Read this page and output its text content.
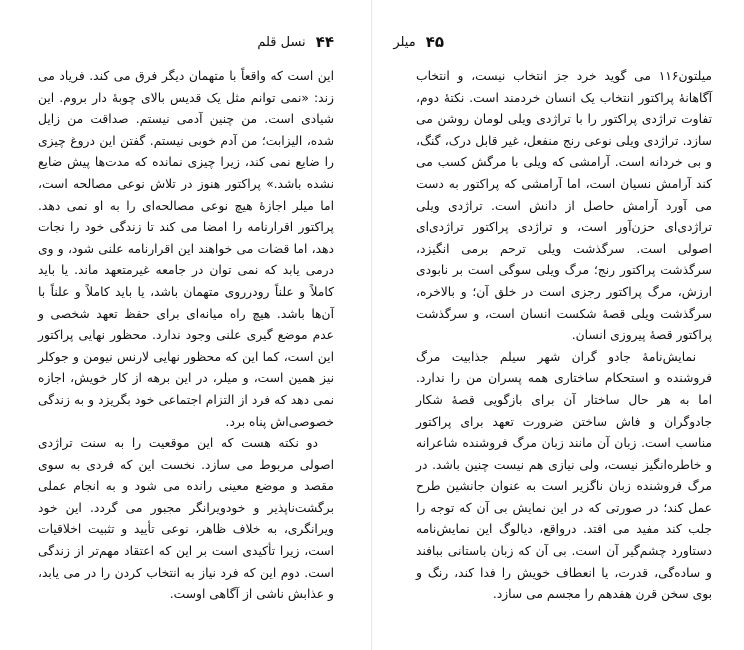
۴۴
نسل قلم

این است که واقعاً با متهمان دیگر فرق می کند. فریاد می زند: «نمی توانم مثل یک قدیس بالای چوبهٔ دار بروم. این شیادی است. من چنین آدمی نیستم. صداقت من زایل شده، الیزابت؛ من آدم خوبی نیستم. گفتن این دروغ چیزی را ضایع نمی کند، زیرا چیزی نمانده که مدت‌ها پیش ضایع نشده باشد.» پراکتور هنوز در تلاش نوعی مصالحه است، اما میلر اجازهٔ هیچ نوعی مصالحه‌ای را به او نمی دهد. پراکتور اقرارنامه را امضا می کند تا زندگی خود را نجات دهد، اما قضات می خواهند این اقرارنامه علنی شود، و وی درمی یابد که نمی توان در جامعه غیرمتعهد ماند. یا باید کاملاً و علناً رودرروی متهمان باشد، یا باید کاملاً و علناً با آن‌ها باشد. هیچ راه میانه‌ای برای حفظ تعهد شخصی و عدم موضع گیری علنی وجود ندارد. محظور نهایی پراکتور این است، کما این که محظور نهایی لارنس نیومن و جوکلر نیز همین است، و میلر، در این برهه از کار خویش، اجازه نمی دهد که فرد از التزام اجتماعی خود بگریزد و به زندگی خصوصی‌اش پناه برد.

دو نکته هست که این موقعیت را به سنت تراژدی اصولی مربوط می سازد. نخست این که فردی به سوی مقصد و موضع معینی رانده می شود و به انجام عملی برگشت‌ناپذیر و خودویرانگر مجبور می گردد. این خود ویرانگری، به خلاف ظاهر، نوعی تأیید و تثبیت اخلاقیات است، زیرا تأکیدی است بر این که اعتقاد مهم‌تر از زندگی است. دوم این که فرد نیاز به انتخاب کردن را در می یابد، و عذابش ناشی از آگاهی اوست.

۴۵
میلر

میلتون۱۱۶ می گوید خرد جز انتخاب نیست، و انتخاب آگاهانهٔ پراکتور انتخاب یک انسان خردمند است. نکتهٔ دوم، تفاوت تراژدی پراکتور را با تراژدی ویلی لومان روشن می سازد. تراژدی ویلی نوعی رنج منفعل، غیر قابل درک، گنگ، و بی خردانه است. آرامشی که ویلی با مرگش کسب می کند آرامش نسیان است، اما آرامشی که پراکتور به دست می آورد آرامش حاصل از دانش است. تراژدی ویلی تراژدی‌ای حزن‌آور است، و تراژدی پراکتور تراژدی‌ای اصولی است. سرگذشت ویلی ترحم برمی انگیزد، سرگذشت پراکتور رنج؛ مرگ ویلی سوگی است بر نابودی ارزش، مرگ پراکتور رجزی است در خلق آن؛ و بالاخره، سرگذشت ویلی قصهٔ شکست انسان است، و سرگذشت پراکتور قصهٔ پیروزی انسان.

نمایش‌نامهٔ جادو گران شهر سیلم جذابیت مرگ فروشنده و استحکام ساختاری همه پسران من را ندارد. اما به هر حال ساختار آن برای بازگویی قصهٔ شکار جادوگران و فاش ساختن ضرورت تعهد برای پراکتور مناسب است. زبان آن مانند زبان مرگ فروشنده شاعرانه و خاطره‌انگیز نیست، ولی نیازی هم نیست چنین باشد. در مرگ فروشنده زبان ناگزیر است به عنوان جانشین طرح عمل کند؛ در صورتی که در این نمایش بی آن که توجه را جلب کند مفید می افتد. درواقع، دیالوگ این نمایش‌نامه دستاورد چشم‌گیر آن است. بی آن که زبان باستانی ببافند و ساده‌گی، قدرت، یا انعطاف خویش را فدا کند، رنگ و بوی سخن قرن هفدهم را مجسم می سازد.
